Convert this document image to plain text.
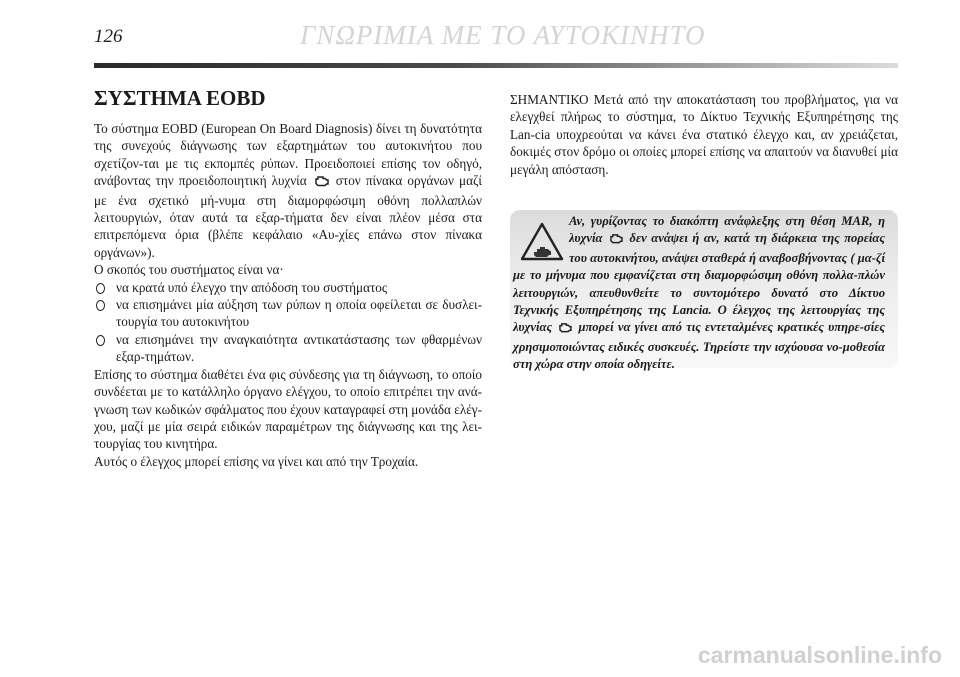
126	ΓΝΩΡΙΜΙΑ ΜΕ ΤΟ ΑΥΤΟΚΙΝΗΤΟ
ΣΥΣΤΗΜΑ EOBD

Το σύστημα EOBD (European On Board Diagnosis) δίνει τη δυνατότητα της συνεχούς διάγνωσης των εξαρτημάτων του αυτοκινήτου που σχετίζον-ται με τις εκπομπές ρύπων. Προειδοποιεί επίσης τον οδηγό, ανάβοντας την προειδοποιητική λυχνία στον πίνακα οργάνων μαζί με ένα σχετικό μή-νυμα στη διαμορφώσιμη οθόνη πολλαπλών λειτουργιών, όταν αυτά τα εξαρ-τήματα δεν είναι πλέον μέσα στα επιτρεπόμενα όρια (βλέπε κεφάλαιο «Αυ-χίες επάνω στον πίνακα οργάνων»).

Ο σκοπός του συστήματος είναι να·

να κρατά υπό έλεγχο την απόδοση του συστήματος
να επισημάνει μία αύξηση των ρύπων η οποία οφείλεται σε δυσλει-τουργία του αυτοκινήτου
να επισημάνει την αναγκαιότητα αντικατάστασης των φθαρμένων εξαρ-τημάτων.

Επίσης το σύστημα διαθέτει ένα φις σύνδεσης για τη διάγνωση, το οποίο συνδέεται με το κατάλληλο όργανο ελέγχου, το οποίο επιτρέπει την ανά-γνωση των κωδικών σφάλματος που έχουν καταγραφεί στη μονάδα ελέγ-χου, μαζί με μία σειρά ειδικών παραμέτρων της διάγνωσης και της λει-τουργίας του κινητήρα.

Αυτός ο έλεγχος μπορεί επίσης να γίνει και από την Τροχαία.

ΣΗΜΑΝΤΙΚΟ Μετά από την αποκατάσταση του προβλήματος, για να ελεγχθεί πλήρως το σύστημα, το Δίκτυο Τεχνικής Εξυπηρέτησης της Lan-cia υποχρεούται να κάνει ένα στατικό έλεγχο και, αν χρειάζεται, δοκιμές στον δρόμο οι οποίες μπορεί επίσης να απαιτούν να διανυθεί μία μεγάλη απόσταση.

Αν, γυρίζοντας το διακόπτη ανάφλεξης στη θέση MAR, η λυχνία δεν ανάψει ή αν, κατά τη διάρκεια της πορείας του αυτοκινήτου, ανάψει σταθερά ή αναβοσβήνοντας ( μα-ζί με το μήνυμα που εμφανίζεται στη διαμορφώσιμη οθόνη πολλα-πλών λειτουργιών, απευθυνθείτε το συντομότερο δυνατό στο Δίκτυο Τεχνικής Εξυπηρέτησης της Lancia. Ο έλεγχος της λειτουργίας της λυχνίας μπορεί να γίνει από τις εντεταλμένες κρατικές υπηρε-σίες χρησιμοποιώντας ειδικές συσκευές. Τηρείστε την ισχύουσα νο-μοθεσία στη χώρα στην οποία οδηγείτε.
carmanualsonline.info
